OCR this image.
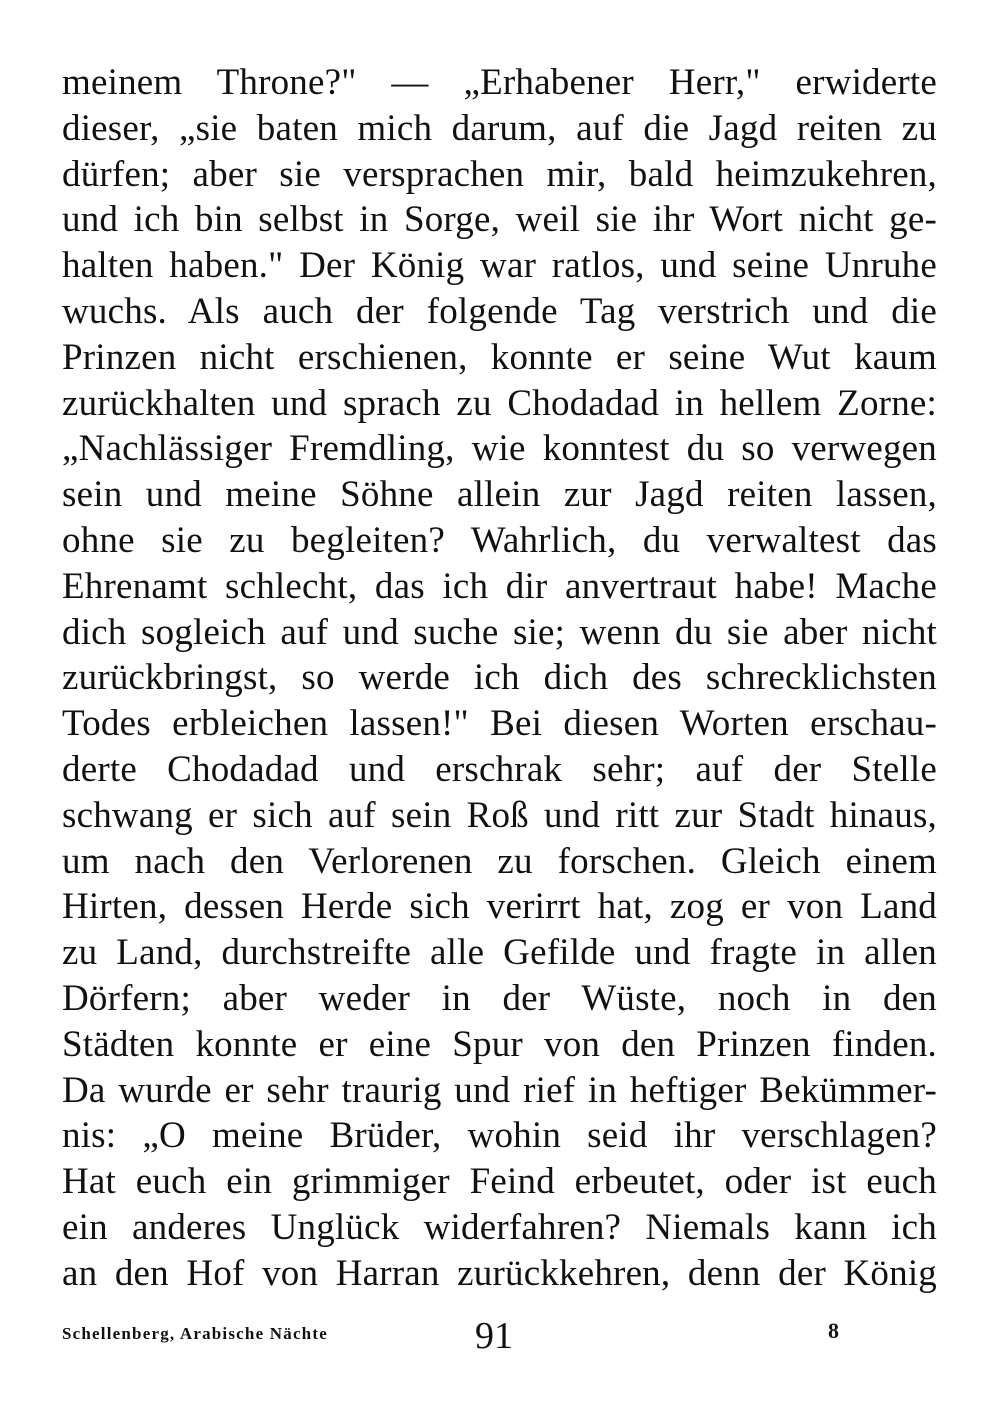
meinem Throne?" — „Erhabener Herr," erwiderte
dieser, „sie baten mich darum, auf die Jagd reiten zu
dürfen; aber sie versprachen mir, bald heimzukehren,
und ich bin selbst in Sorge, weil sie ihr Wort nicht ge-
halten haben." Der König war ratlos, und seine Unruhe
wuchs. Als auch der folgende Tag verstrich und die
Prinzen nicht erschienen, konnte er seine Wut kaum
zurückhalten und sprach zu Chodadad in hellem Zorne:
„Nachlässiger Fremdling, wie konntest du so verwegen
sein und meine Söhne allein zur Jagd reiten lassen,
ohne sie zu begleiten? Wahrlich, du verwaltest das
Ehrenamt schlecht, das ich dir anvertraut habe! Mache
dich sogleich auf und suche sie; wenn du sie aber nicht
zurückbringst, so werde ich dich des schrecklichsten
Todes erbleichen lassen!" Bei diesen Worten erschau-
derte Chodadad und erschrak sehr; auf der Stelle
schwang er sich auf sein Roß und ritt zur Stadt hinaus,
um nach den Verlorenen zu forschen. Gleich einem
Hirten, dessen Herde sich verirrt hat, zog er von Land
zu Land, durchstreifte alle Gefilde und fragte in allen
Dörfern; aber weder in der Wüste, noch in den
Städten konnte er eine Spur von den Prinzen finden.
Da wurde er sehr traurig und rief in heftiger Bekümmer-
nis: „O meine Brüder, wohin seid ihr verschlagen?
Hat euch ein grimmiger Feind erbeutet, oder ist euch
ein anderes Unglück widerfahren? Niemals kann ich
an den Hof von Harran zurückkehren, denn der König
Schellenberg, Arabische Nächte	91	8
